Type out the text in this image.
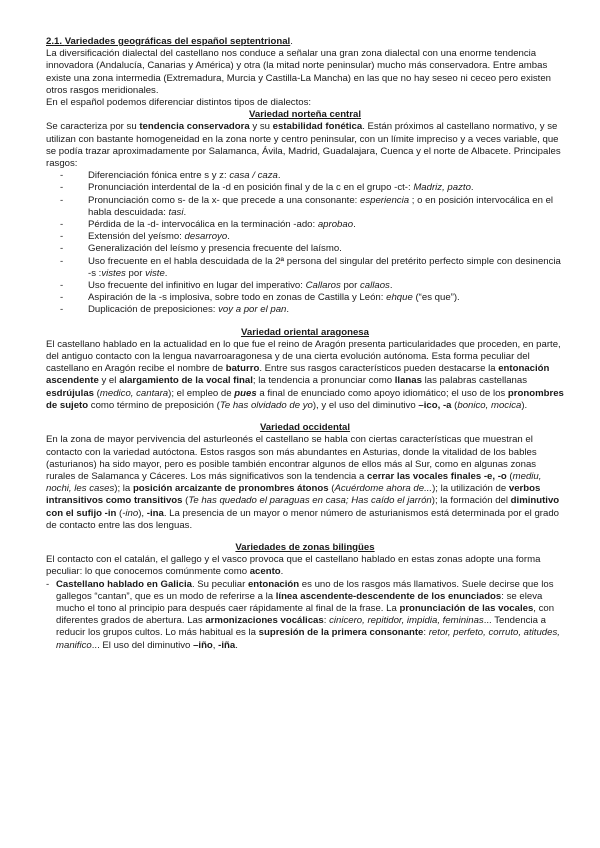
2.1. Variedades geográficas del español septentrional.
La diversificación dialectal del castellano nos conduce a señalar una gran zona dialectal con una enorme tendencia innovadora (Andalucía, Canarias y América) y otra (la mitad norte peninsular) mucho más conservadora. Entre ambas existe una zona intermedia (Extremadura, Murcia y Castilla-La Mancha) en las que no hay seseo ni ceceo pero existen otros rasgos meridionales.
En el español podemos diferenciar distintos tipos de dialectos:

Variedad norteña central

Se caracteriza por su tendencia conservadora y su estabilidad fonética. Están próximos al castellano normativo, y se utilizan con bastante homogeneidad en la zona norte y centro peninsular, con un límite impreciso y a veces variable, que se podía trazar aproximadamente por Salamanca, Ávila, Madrid, Guadalajara, Cuenca y el norte de Albacete. Principales rasgos:

-	Diferenciación fónica entre s y z: casa / caza.
-	Pronunciación interdental de la -d en posición final y de la c en el grupo -ct-: Madriz, pazto.
-	Pronunciación como s- de la x- que precede a una consonante: esperiencia ; o en posición intervocálica en el habla descuidada: tasi.
-	Pérdida de la -d- intervocálica en la terminación -ado: aprobao.
-	Extensión del yeísmo: desarroyo.
-	Generalización del leísmo y presencia frecuente del laísmo.
-	Uso frecuente en el habla descuidada de la 2ª persona del singular del pretérito perfecto simple con desinencia -s :vistes por viste.
-	Uso frecuente del infinitivo en lugar del imperativo: Callaros por callaos.
-	Aspiración de la -s implosiva, sobre todo en zonas de Castilla y León: ehque (“es que”).
-	Duplicación de preposiciones: voy a por el pan.

Variedad oriental aragonesa

El castellano hablado en la actualidad en lo que fue el reino de Aragón presenta particularidades que proceden, en parte, del antiguo contacto con la lengua navarroaragonesa y de una cierta evolución autónoma. Esta forma peculiar del castellano en Aragón recibe el nombre de baturro. Entre sus rasgos característicos pueden destacarse la entonación ascendente y el alargamiento de la vocal final; la tendencia a pronunciar como llanas las palabras castellanas esdrújulas (medico, cantara); el empleo de pues a final de enunciado como apoyo idiomático; el uso de los pronombres de sujeto como término de preposición (Te has olvidado de yo), y el uso del diminutivo –ico, -a (bonico, mocica).

Variedad occidental

En la zona de mayor pervivencia del asturleonés el castellano se habla con ciertas características que muestran el contacto con la variedad autóctona. Estos rasgos son más abundantes en Asturias, donde la vitalidad de los bables (asturianos) ha sido mayor, pero es posible también encontrar algunos de ellos más al Sur, como en algunas zonas rurales de Salamanca y Cáceres. Los más significativos son la tendencia a cerrar las vocales finales -e, -o (mediu, nochi, les cases); la posición arcaizante de pronombres átonos (Acuérdome ahora de...); la utilización de verbos intransitivos como transitivos (Te has quedado el paraguas en casa; Has caído el jarrón); la formación del diminutivo con el sufijo -in (-ino), -ina. La presencia de un mayor o menor número de asturianismos está determinada por el grado de contacto entre las dos lenguas.

Variedades de zonas bilingües

El contacto con el catalán, el gallego y el vasco provoca que el castellano hablado en estas zonas adopte una forma peculiar: lo que conocemos comúnmente como acento.

- Castellano hablado en Galicia. Su peculiar entonación es uno de los rasgos más llamativos. Suele decirse que los gallegos “cantan”, que es un modo de referirse a la línea ascendente-descendente de los enunciados: se eleva mucho el tono al principio para después caer rápidamente al final de la frase. La pronunciación de las vocales, con diferentes grados de abertura. Las armonizaciones vocálicas: cinicero, repitidor, impidia, femininas... Tendencia a reducir los grupos cultos. Lo más habitual es la supresión de la primera consonante: retor, perfeto, corruto, atitudes, manifico... El uso del diminutivo –iño, -iña.
